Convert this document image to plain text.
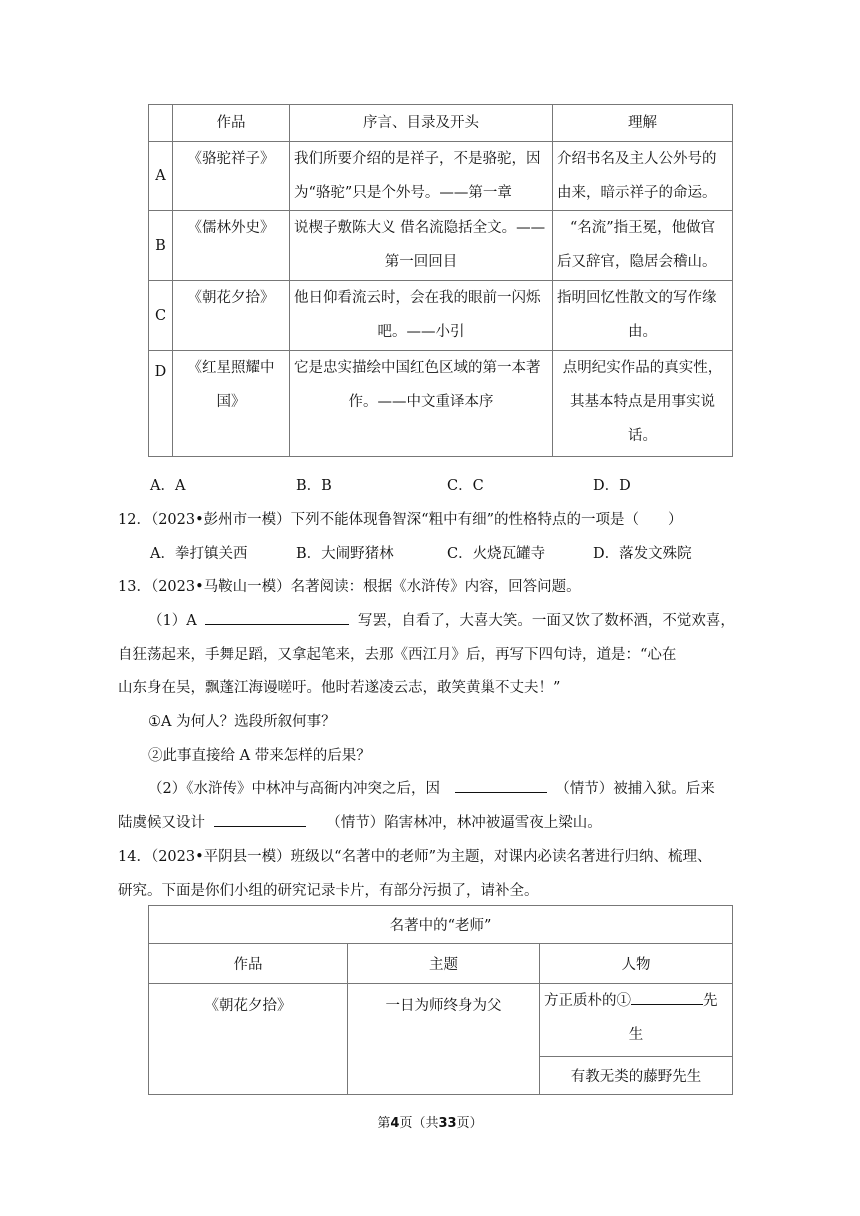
	作品	序言、目录及开头	理解
A	《骆驼祥子》	我们所要介绍的是祥子，不是骆驼，因
为“骆驼”只是个外号。——第一章	介绍书名及主人公外号的
由来，暗示祥子的命运。

B	《儒林外史》	说楔子敷陈大义 借名流隐括全文。——
第一回回目	“名流”指王冕，他做官
后又辞官，隐居会稽山。

C	《朝花夕拾》	他日仰看流云时，会在我的眼前一闪烁
吧。——小引	指明回忆性散文的写作缘
由。

D	《红星照耀中
国》	它是忠实描绘中国红色区域的第一本著
作。——中文重译本序	点明纪实作品的真实性，
其基本特点是用事实说
话。
A．A	B．B	C．C	D．D
12．（2023•彭州市一模）下列不能体现鲁智深“粗中有细”的性格特点的一项是（　　）
A．拳打镇关西	B．大闹野猪林	C．火烧瓦罐寺	D．落发文殊院
13．（2023•马鞍山一模）名著阅读：根据《水浒传》内容，回答问题。
（1）A	写罢，自看了，大喜大笑。一面又饮了数杯酒，不觉欢喜，
自狂荡起来，手舞足蹈，又拿起笔来，去那《西江月》后，再写下四句诗，道是：“心在
山东身在吴，飘蓬江海谩嗟吁。他时若遂凌云志，敢笑黄巢不丈夫！”
①A 为何人？选段所叙何事？
②此事直接给 A 带来怎样的后果？
（2）《水浒传》中林冲与高衙内冲突之后，因	（情节）被捕入狱。后来
陆虞候又设计	（情节）陷害林冲，林冲被逼雪夜上梁山。
14．（2023•平阴县一模）班级以“名著中的老师”为主题，对课内必读名著进行归纳、梳理、
研究。下面是你们小组的研究记录卡片，有部分污损了，请补全。
名著中的“老师”		
作品	主题	人物
《朝花夕拾》	一日为师终身为父	方正质朴的① 先

生

		有教无类的藤野先生
第4页（共33页）
